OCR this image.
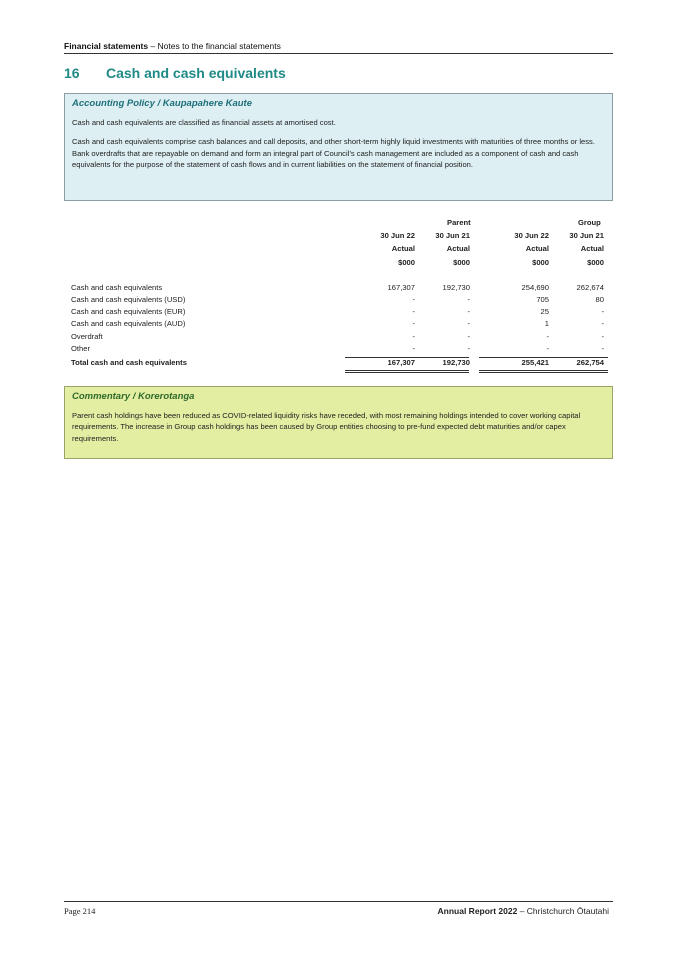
Financial statements – Notes to the financial statements
16 Cash and cash equivalents
Accounting Policy / Kaupapahere Kaute

Cash and cash equivalents are classified as financial assets at amortised cost.

Cash and cash equivalents comprise cash balances and call deposits, and other short-term highly liquid investments with maturities of three months or less. Bank overdrafts that are repayable on demand and form an integral part of Council’s cash management are included as a component of cash and cash equivalents for the purpose of the statement of cash flows and in current liabilities on the statement of financial position.

Parent	Group
30 Jun 22	30 Jun 21	30 Jun 22	30 Jun 21
Actual	Actual	Actual	Actual
$000	$000	$000	$000
Cash and cash equivalents	167,307	192,730	254,690	262,674
Cash and cash equivalents (USD)	-	-	705	80
Cash and cash equivalents (EUR)	-	-	25	-
Cash and cash equivalents (AUD)	-	-	1	-
Overdraft	-	-	-	-
Other	-	-	-	-
Total cash and cash equivalents	167,307	192,730	255,421	262,754
Commentary / Korerotanga

Parent cash holdings have been reduced as COVID-related liquidity risks have receded, with most remaining holdings intended to cover working capital requirements. The increase in Group cash holdings has been caused by Group entities choosing to pre-fund expected debt maturities and/or capex requirements.

Page 214	Annual Report 2022 – Christchurch Ōtautahi
